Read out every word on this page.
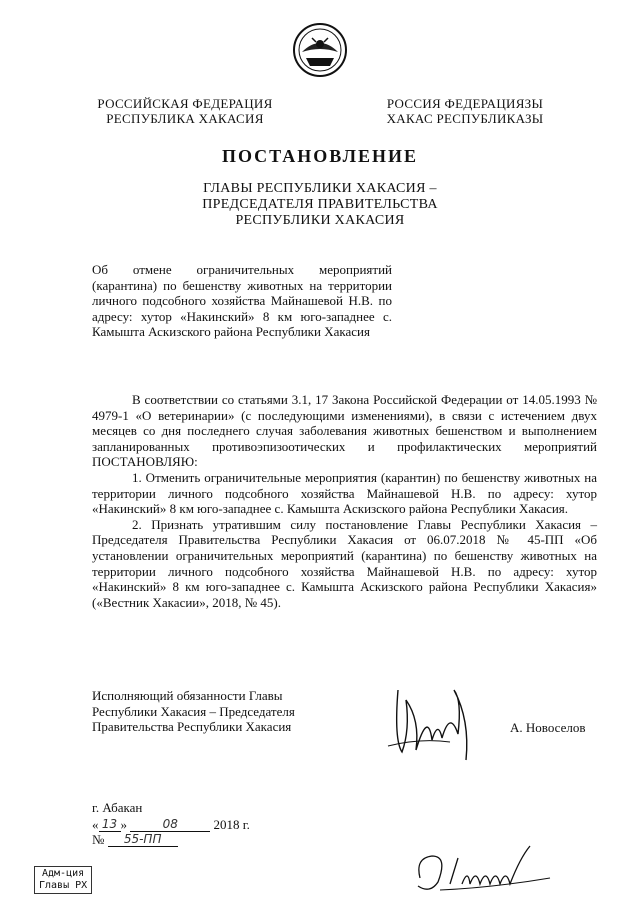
РОССИЙСКАЯ ФЕДЕРАЦИЯ
РЕСПУБЛИКА ХАКАСИЯ
РОССИЯ ФЕДЕРАЦИЯЗЫ
ХАКАС РЕСПУБЛИКАЗЫ
ПОСТАНОВЛЕНИЕ
ГЛАВЫ РЕСПУБЛИКИ ХАКАСИЯ –
ПРЕДСЕДАТЕЛЯ ПРАВИТЕЛЬСТВА
РЕСПУБЛИКИ ХАКАСИЯ
Об отмене ограничительных мероприятий (карантина) по бешенству животных на территории личного подсобного хозяйства Майнашевой Н.В. по адресу: хутор «Накинский» 8 км юго-западнее с. Камышта Аскизского района Республики Хакасия

В соответствии со статьями 3.1, 17 Закона Российской Федерации от 14.05.1993 № 4979-1 «О ветеринарии» (с последующими изменениями), в связи с истечением двух месяцев со дня последнего случая заболевания животных бешенством и выполнением запланированных противоэпизоотических и профилактических мероприятий ПОСТАНОВЛЯЮ:

1. Отменить ограничительные мероприятия (карантин) по бешенству животных на территории личного подсобного хозяйства Майнашевой Н.В. по адресу: хутор «Накинский» 8 км юго-западнее с. Камышта Аскизского района Республики Хакасия.

2. Признать утратившим силу постановление Главы Республики Хакасия – Председателя Правительства Республики Хакасия от 06.07.2018 № 45-ПП «Об установлении ограничительных мероприятий (карантина) по бешенству животных на территории личного подсобного хозяйства Майнашевой Н.В. по адресу: хутор «Накинский» 8 км юго-западнее с. Камышта Аскизского района Республики Хакасия» («Вестник Хакасии», 2018, № 45).

Исполняющий обязанности Главы
Республики Хакасия – Председателя
Правительства Республики Хакасия	А. Новоселов
г. Абакан
« 13 »	08	2018 г.
№ 55-ПП
Адм-ция
Главы РХ
